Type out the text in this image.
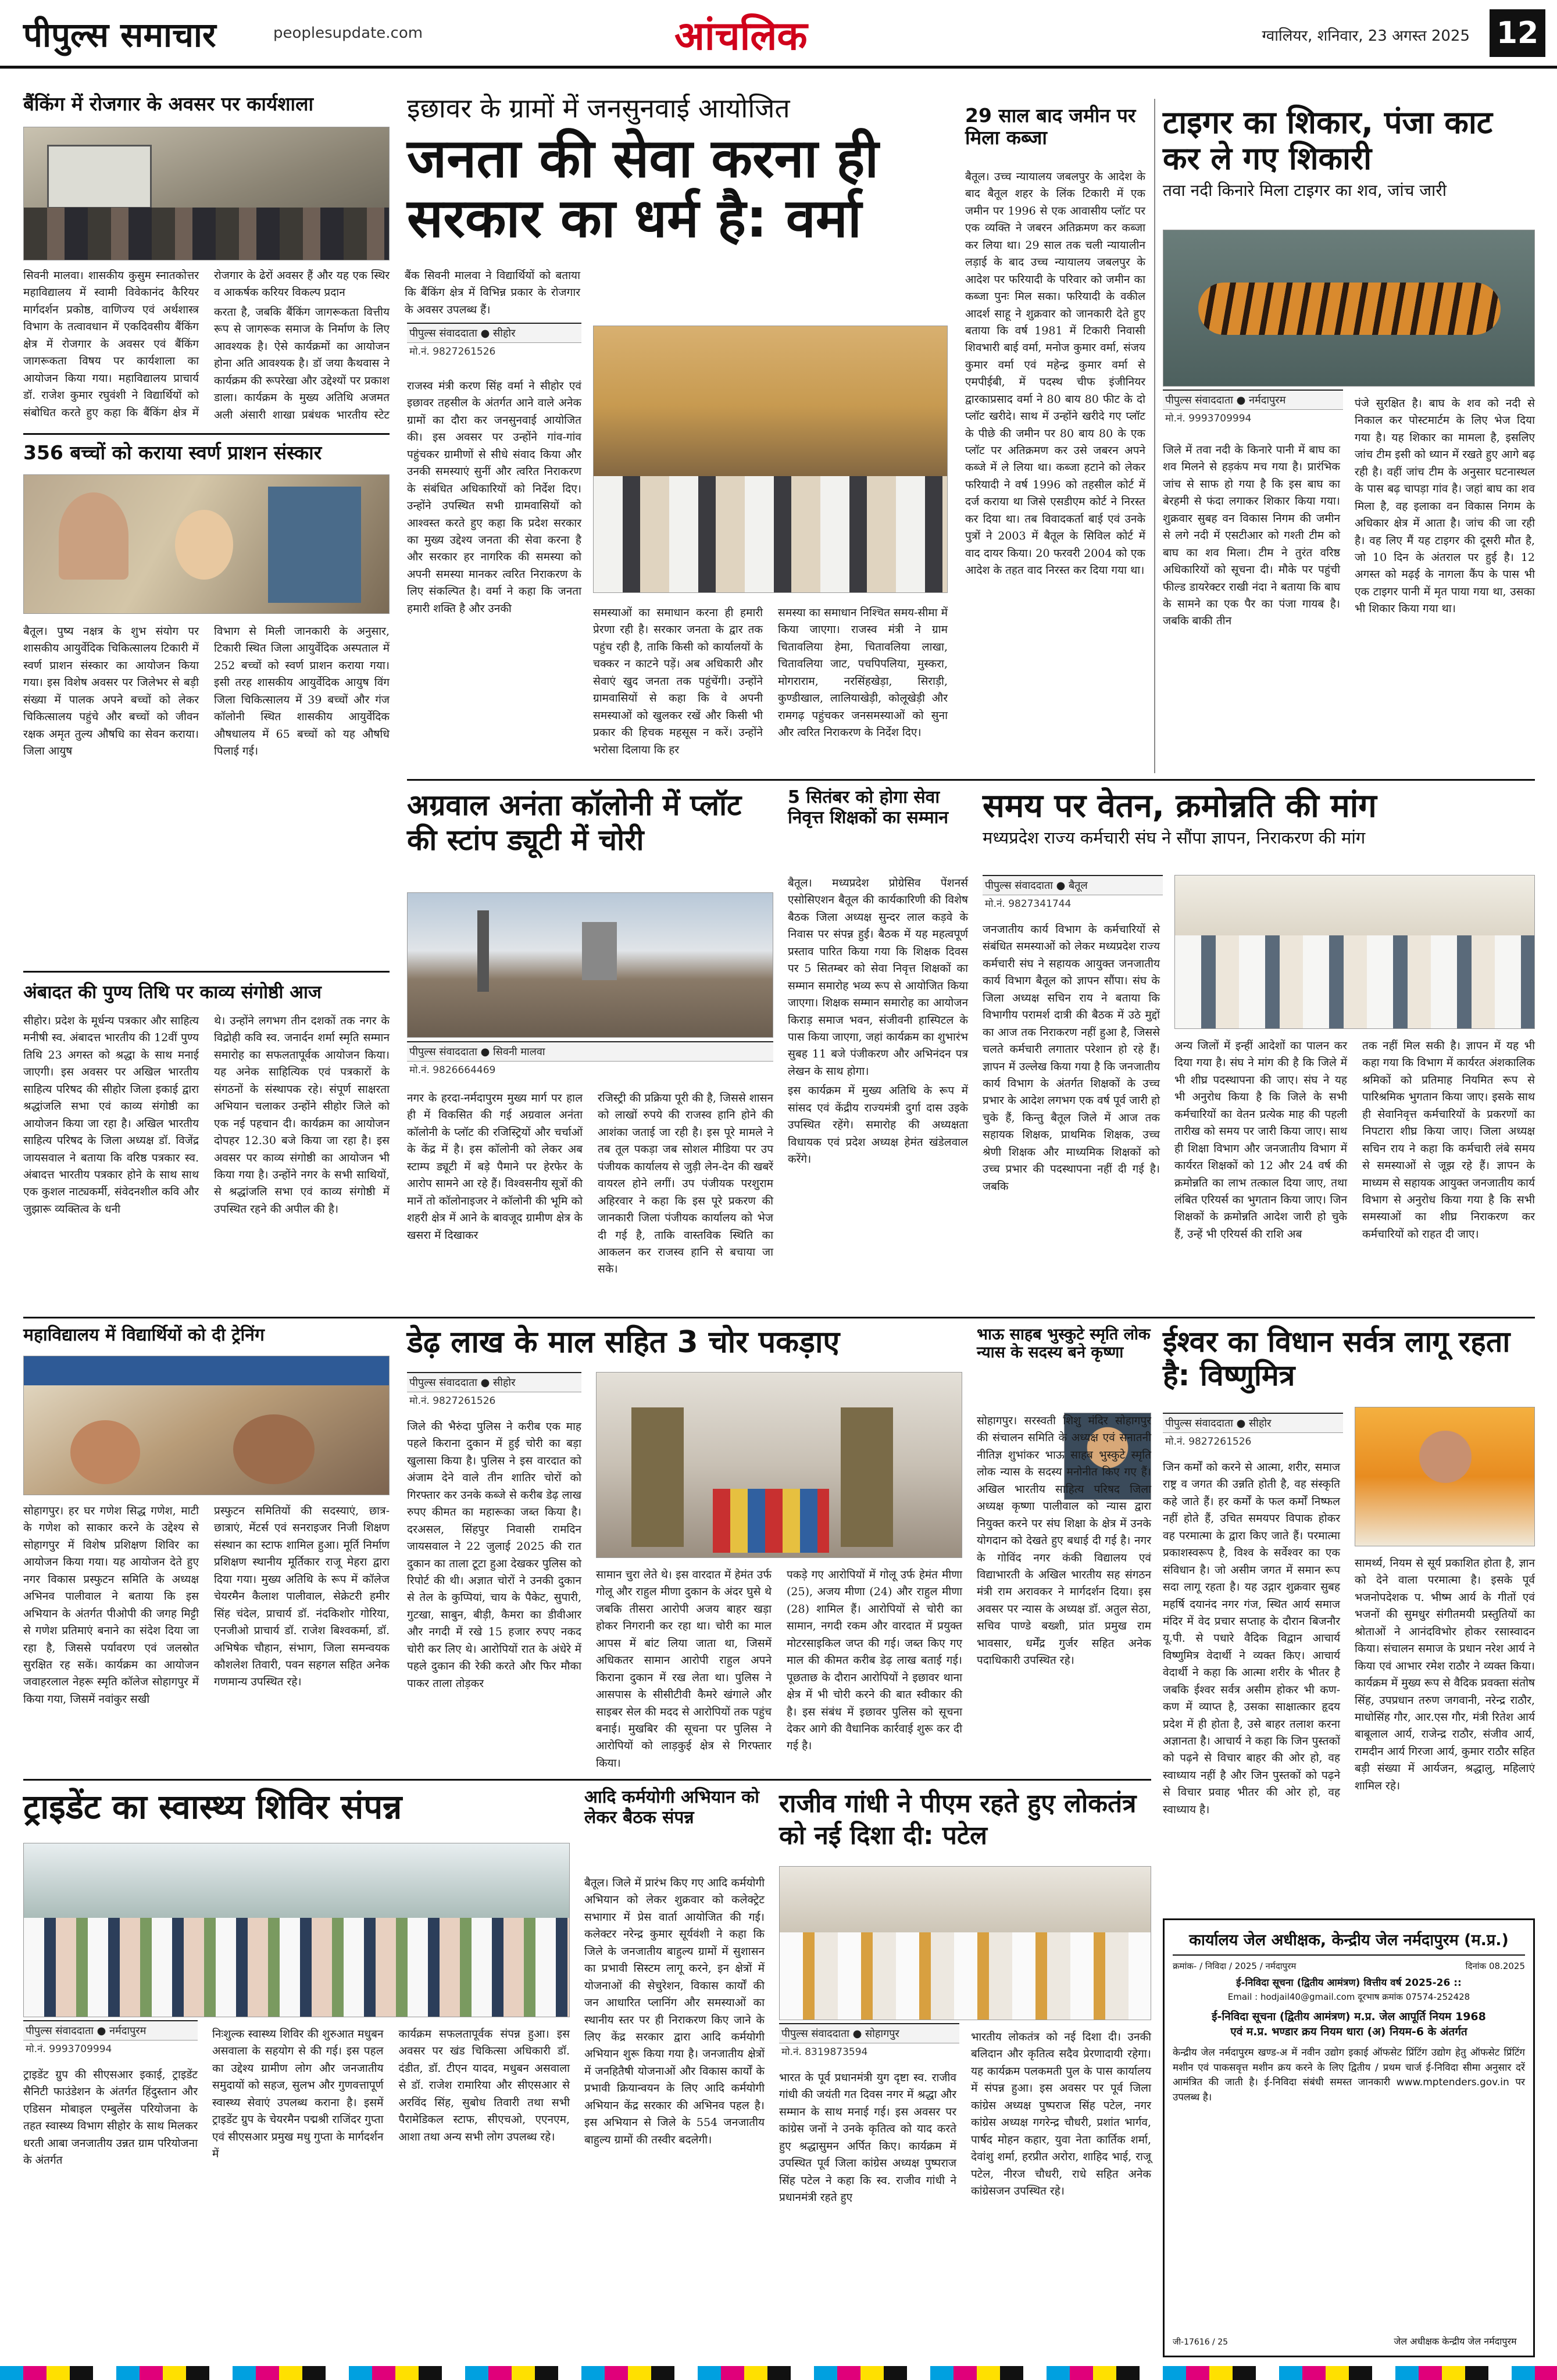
पीपुल्स समाचार	peoplesupdate.com	आंचलिक	ग्वालियर, शनिवार, 23 अगस्त 2025 12
बैंकिंग में रोजगार के अवसर पर कार्यशाला

सिवनी मालवा। शासकीय कुसुम स्नातकोत्तर महाविद्यालय में स्वामी विवेकानंद कैरियर मार्गदर्शन प्रकोष्ठ, वाणिज्य एवं अर्थशास्त्र विभाग के तत्वावधान में एकदिवसीय बैंकिंग क्षेत्र में रोजगार के अवसर एवं बैंकिंग जागरूकता विषय पर कार्यशाला का आयोजन किया गया। महाविद्यालय प्राचार्य डॉ. राजेश कुमार रघुवंशी ने विद्यार्थियों को संबोधित करते हुए कहा कि बैंकिंग क्षेत्र में रोजगार के ढेरों अवसर हैं और यह एक स्थिर व आकर्षक करियर विकल्प प्रदान

करता है, जबकि बैंकिंग जागरूकता वित्तीय रूप से जागरूक समाज के निर्माण के लिए आवश्यक है। ऐसे कार्यक्रमों का आयोजन होना अति आवश्यक है। डॉ जया कैथवास ने कार्यक्रम की रूपरेखा और उद्देश्यों पर प्रकाश डाला। कार्यक्रम के मुख्य अतिथि अजमत अली अंसारी शाखा प्रबंधक भारतीय स्टेट बैंक सिवनी मालवा ने विद्यार्थियों को बताया कि बैंकिंग क्षेत्र में विभिन्न प्रकार के रोजगार के अवसर उपलब्ध हैं।

356 बच्चों को कराया स्वर्ण प्राशन संस्कार

बैतूल। पुष्य नक्षत्र के शुभ संयोग पर शासकीय आयुर्वेदिक चिकित्सालय टिकारी में स्वर्ण प्राशन संस्कार का आयोजन किया गया। इस विशेष अवसर पर जिलेभर से बड़ी संख्या में पालक अपने बच्चों को लेकर चिकित्सालय पहुंचे और बच्चों को जीवन रक्षक अमृत तुल्य औषधि का सेवन कराया। जिला आयुष

विभाग से मिली जानकारी के अनुसार, टिकारी स्थित जिला आयुर्वेदिक अस्पताल में 252 बच्चों को स्वर्ण प्राशन कराया गया। इसी तरह शासकीय आयुर्वेदिक आयुष विंग जिला चिकित्सालय में 39 बच्चों और गंज कॉलोनी स्थित शासकीय आयुर्वेदिक औषधालय में 65 बच्चों को यह औषधि पिलाई गई।

अंबादत की पुण्य तिथि पर काव्य संगोष्ठी आज

सीहोर। प्रदेश के मूर्धन्य पत्रकार और साहित्य मनीषी स्व. अंबादत्त भारतीय की 12वीं पुण्य तिथि 23 अगस्त को श्रद्धा के साथ मनाई जाएगी। इस अवसर पर अखिल भारतीय साहित्य परिषद की सीहोर जिला इकाई द्वारा श्रद्धांजलि सभा एवं काव्य संगोष्ठी का आयोजन किया जा रहा है। अखिल भारतीय साहित्य परिषद के जिला अध्यक्ष डॉ. विजेंद्र जायसवाल ने बताया कि वरिष्ठ पत्रकार स्व. अंबादत्त भारतीय पत्रकार होने के साथ साथ एक कुशल नाट्यकर्मी, संवेदनशील कवि और जुझारू व्यक्तित्व के धनी

थे। उन्होंने लगभग तीन दशकों तक नगर के विद्रोही कवि स्व. जनार्दन शर्मा स्मृति सम्मान समारोह का सफलतापूर्वक आयोजन किया। यह अनेक साहित्यिक एवं पत्रकारों के संगठनों के संस्थापक रहे। संपूर्ण साक्षरता अभियान चलाकर उन्होंने सीहोर जिले को एक नई पहचान दी। कार्यक्रम का आयोजन दोपहर 12.30 बजे किया जा रहा है। इस अवसर पर काव्य संगोष्ठी का आयोजन भी किया गया है। उन्होंने नगर के सभी साथियों, से श्रद्धांजलि सभा एवं काव्य संगोष्ठी में उपस्थित रहने की अपील की है।

इछावर के ग्रामों में जनसुनवाई आयोजित
जनता की सेवा करना ही सरकार का धर्म है: वर्मा
पीपुल्स संवाददाता ● सीहोर
मो.नं. 9827261526

राजस्व मंत्री करण सिंह वर्मा ने सीहोर एवं इछावर तहसील के अंतर्गत आने वाले अनेक ग्रामों का दौरा कर जनसुनवाई आयोजित की। इस अवसर पर उन्होंने गांव-गांव पहुंचकर ग्रामीणों से सीधे संवाद किया और उनकी समस्याएं सुनीं और त्वरित निराकरण के संबंधित अधिकारियों को निर्देश दिए। उन्होंने उपस्थित सभी ग्रामवासियों को आश्वस्त करते हुए कहा कि प्रदेश सरकार का मुख्य उद्देश्य जनता की सेवा करना है और सरकार हर नागरिक की समस्या को अपनी समस्या मानकर त्वरित निराकरण के लिए संकल्पित है। वर्मा ने कहा कि जनता हमारी शक्ति है और उनकी	समस्याओं का समाधान करना ही हमारी प्रेरणा रही है। सरकार जनता के द्वार तक पहुंच रही है, ताकि किसी को कार्यालयों के चक्कर न काटने पड़ें। अब अधिकारी और सेवाएं खुद जनता तक पहुंचेंगी। उन्होंने ग्रामवासियों से कहा कि वे अपनी समस्याओं को खुलकर रखें और किसी भी प्रकार की हिचक महसूस न करें। उन्होंने भरोसा दिलाया कि हर

समस्या का समाधान निश्चित समय-सीमा में किया जाएगा। राजस्व मंत्री ने ग्राम चितावलिया हेमा, चितावलिया लाखा, चितावलिया जाट, पचपिपलिया, मुस्करा, मोगराराम, नरसिंहखेड़ा, सिराड़ी, कुण्डीखाल, लालियाखेड़ी, कोलूखेड़ी और रामगढ़ पहुंचकर जनसमस्याओं को सुना और त्वरित निराकरण के निर्देश दिए।

29 साल बाद जमीन पर मिला कब्जा

बैतूल। उच्च न्यायालय जबलपुर के आदेश के बाद बैतूल शहर के लिंक टिकारी में एक जमीन पर 1996 से एक आवासीय प्लॉट पर एक व्यक्ति ने जबरन अतिक्रमण कर कब्जा कर लिया था। 29 साल तक चली न्यायालीन लड़ाई के बाद उच्च न्यायालय जबलपुर के आदेश पर फरियादी के परिवार को जमीन का कब्जा पुनः मिल सका। फरियादी के वकील आदर्श साहू ने शुक्रवार को जानकारी देते हुए बताया कि वर्ष 1981 में टिकारी निवासी शिवभारी बाई वर्मा, मनोज कुमार वर्मा, संजय कुमार वर्मा एवं महेन्द्र कुमार वर्मा से एमपीईबी, में पदस्थ चीफ इंजीनियर द्वारकाप्रसाद वर्मा ने 80 बाय 80 फीट के दो प्लॉट खरीदे। साथ में उन्होंने खरीदे गए प्लॉट के पीछे की जमीन पर 80 बाय 80 के एक प्लॉट पर अतिक्रमण कर उसे जबरन अपने कब्जे में ले लिया था। कब्जा हटाने को लेकर फरियादी ने वर्ष 1996 को तहसील कोर्ट में दर्ज कराया था जिसे एसडीएम कोर्ट ने निरस्त कर दिया था। तब विवादकर्ता बाई एवं उनके पुत्रों ने 2003 में बैतूल के सिविल कोर्ट में वाद दायर किया। 20 फरवरी 2004 को एक आदेश के तहत वाद निरस्त कर दिया गया था।

टाइगर का शिकार, पंजा काट कर ले गए शिकारी
तवा नदी किनारे मिला टाइगर का शव, जांच जारी
पीपुल्स संवाददाता ● नर्मदापुरम
मो.नं. 9993709994

जिले में तवा नदी के किनारे पानी में बाघ का शव मिलने से हड़कंप मच गया है। प्रारंभिक जांच से साफ हो गया है कि इस बाघ का बेरहमी से फंदा लगाकर शिकार किया गया। शुक्रवार सुबह वन विकास निगम की जमीन से लगे नदी में एसटीआर को गश्ती टीम को बाघ का शव मिला। टीम ने तुरंत वरिष्ठ अधिकारियों को सूचना दी। मौके पर पहुंची फील्ड डायरेक्टर राखी नंदा ने बताया कि बाघ के सामने का एक पैर का पंजा गायब है। जबकि बाकी तीन

पंजे सुरक्षित है। बाघ के शव को नदी से निकाल कर पोस्टमार्टम के लिए भेज दिया गया है। यह शिकार का मामला है, इसलिए जांच टीम इसी को ध्यान में रखते हुए आगे बढ़ रही है। वहीं जांच टीम के अनुसार घटनास्थल के पास बढ़ चापड़ा गांव है। जहां बाघ का शव मिला है, वह इलाका वन विकास निगम के अधिकार क्षेत्र में आता है। जांच की जा रही है। वह लिए मैं यह टाइगर की दूसरी मौत है, जो 10 दिन के अंतराल पर हुई है। 12 अगस्त को मढ़ई के नागला कैंप के पास भी एक टाइगर पानी में मृत पाया गया था, उसका भी शिकार किया गया था।

अग्रवाल अनंता कॉलोनी में प्लॉट की स्टांप ड्यूटी में चोरी
पीपुल्स संवाददाता ● सिवनी मालवा
मो.नं. 9826664469

नगर के हरदा-नर्मदापुरम मुख्य मार्ग पर हाल ही में विकसित की गई अग्रवाल अनंता कॉलोनी के प्लॉट की रजिस्ट्रियों और चर्चाओं के केंद्र में है। इस कॉलोनी को लेकर अब स्टाम्प ड्यूटी में बड़े पैमाने पर हेरफेर के आरोप सामने आ रहे हैं। विश्वसनीय सूत्रों की मानें तो कॉलोनाइजर ने कॉलोनी की भूमि को शहरी क्षेत्र में आने के बावजूद ग्रामीण क्षेत्र के खसरा में दिखाकर

रजिस्ट्री की प्रक्रिया पूरी की है, जिससे शासन को लाखों रुपये की राजस्व हानि होने की आशंका जताई जा रही है। इस पूरे मामले ने तब तूल पकड़ा जब सोशल मीडिया पर उप पंजीयक कार्यालय से जुड़ी लेन-देन की खबरें वायरल होने लगीं। उप पंजीयक परशुराम अहिरवार ने कहा कि इस पूरे प्रकरण की जानकारी जिला पंजीयक कार्यालय को भेज दी गई है, ताकि वास्तविक स्थिति का आकलन कर राजस्व हानि से बचाया जा सके।

5 सितंबर को होगा सेवा निवृत्त शिक्षकों का सम्मान

बैतूल। मध्यप्रदेश प्रोग्रेसिव पेंशनर्स एसोसिएशन बैतूल की कार्यकारिणी की विशेष बैठक जिला अध्यक्ष सुन्दर लाल कड़वे के निवास पर संपन्न हुई। बैठक में यह महत्वपूर्ण प्रस्ताव पारित किया गया कि शिक्षक दिवस पर 5 सितम्बर को सेवा निवृत्त शिक्षकों का सम्मान समारोह भव्य रूप से आयोजित किया जाएगा। शिक्षक सम्मान समारोह का आयोजन किराड़ समाज भवन, संजीवनी हास्पिटल के पास किया जाएगा, जहां कार्यक्रम का शुभारंभ सुबह 11 बजे पंजीकरण और अभिनंदन पत्र लेखन के साथ होगा।

इस कार्यक्रम में मुख्य अतिथि के रूप में सांसद एवं केंद्रीय राज्यमंत्री दुर्गा दास उइके उपस्थित रहेंगे। समारोह की अध्यक्षता विधायक एवं प्रदेश अध्यक्ष हेमंत खंडेलवाल करेंगे।

समय पर वेतन, क्रमोन्नति की मांग
मध्यप्रदेश राज्य कर्मचारी संघ ने सौंपा ज्ञापन, निराकरण की मांग
पीपुल्स संवाददाता ● बैतूल
मो.नं. 9827341744

जनजातीय कार्य विभाग के कर्मचारियों से संबंधित समस्याओं को लेकर मध्यप्रदेश राज्य कर्मचारी संघ ने सहायक आयुक्त जनजातीय कार्य विभाग बैतूल को ज्ञापन सौंपा। संघ के जिला अध्यक्ष सचिन राय ने बताया कि विभागीय परामर्श दात्री की बैठक में उठे मुद्दों का आज तक निराकरण नहीं हुआ है, जिससे चलते कर्मचारी लगातार परेशान हो रहे हैं। ज्ञापन में उल्लेख किया गया है कि जनजातीय कार्य विभाग के अंतर्गत शिक्षकों के उच्च प्रभार के आदेश लगभग एक वर्ष पूर्व जारी हो चुके हैं, किन्तु बैतूल जिले में आज तक सहायक शिक्षक, प्राथमिक शिक्षक, उच्च श्रेणी शिक्षक और माध्यमिक शिक्षकों को उच्च प्रभार की पदस्थापना नहीं दी गई है। जबकि

अन्य जिलों में इन्हीं आदेशों का पालन कर दिया गया है। संघ ने मांग की है कि जिले में भी शीघ्र पदस्थापना की जाए। संघ ने यह भी अनुरोध किया है कि जिले के सभी कर्मचारियों का वेतन प्रत्येक माह की पहली तारीख को समय पर जारी किया जाए। साथ ही शिक्षा विभाग और जनजातीय विभाग में कार्यरत शिक्षकों को 12 और 24 वर्ष की क्रमोन्नति का लाभ तत्काल दिया जाए, तथा लंबित एरियर्स का भुगतान किया जाए। जिन शिक्षकों के क्रमोन्नति आदेश जारी हो चुके हैं, उन्हें भी एरियर्स की राशि अब

तक नहीं मिल सकी है। ज्ञापन में यह भी कहा गया कि विभाग में कार्यरत अंशकालिक श्रमिकों को प्रतिमाह नियमित रूप से पारिश्रमिक भुगतान किया जाए। इसके साथ ही सेवानिवृत्त कर्मचारियों के प्रकरणों का निपटारा शीघ्र किया जाए। जिला अध्यक्ष सचिन राय ने कहा कि कर्मचारी लंबे समय से समस्याओं से जूझ रहे हैं। ज्ञापन के माध्यम से सहायक आयुक्त जनजातीय कार्य विभाग से अनुरोध किया गया है कि सभी समस्याओं का शीघ्र निराकरण कर कर्मचारियों को राहत दी जाए।

महाविद्यालय में विद्यार्थियों को दी ट्रेनिंग

सोहागपुर। हर घर गणेश सिद्ध गणेश, माटी के गणेश को साकार करने के उद्देश्य से सोहागपुर में विशेष प्रशिक्षण शिविर का आयोजन किया गया। यह आयोजन देते हुए नगर विकास प्रस्फुटन समिति के अध्यक्ष अभिनव पालीवाल ने बताया कि इस अभियान के अंतर्गत पीओपी की जगह मिट्टी से गणेश प्रतिमाएं बनाने का संदेश दिया जा रहा है, जिससे पर्यावरण एवं जलस्रोत सुरक्षित रह सकें। कार्यक्रम का आयोजन जवाहरलाल नेहरू स्मृति कॉलेज सोहागपुर में किया गया, जिसमें नवांकुर सखी

प्रस्फुटन समितियों की सदस्याएं, छात्र-छात्राएं, मेंटर्स एवं सनराइजर निजी शिक्षण संस्थान का स्टाफ शामिल हुआ। मूर्ति निर्माण प्रशिक्षण स्थानीय मूर्तिकार राजू मेहरा द्वारा दिया गया। मुख्य अतिथि के रूप में कॉलेज चेयरमैन कैलाश पालीवाल, सेक्रेटरी हमीर सिंह चंदेल, प्राचार्य डॉ. नंदकिशोर गोरिया, एनजीओ प्राचार्य डॉ. राजेश बिश्वकर्मा, डॉ. अभिषेक चौहान, संभाग, जिला समन्वयक कौशलेश तिवारी, पवन सहगल सहित अनेक गणमान्य उपस्थित रहे।

डेढ़ लाख के माल सहित 3 चोर पकड़ाए
पीपुल्स संवाददाता ● सीहोर
मो.नं. 9827261526

जिले की भैरुंदा पुलिस ने करीब एक माह पहले किराना दुकान में हुई चोरी का बड़ा खुलासा किया है। पुलिस ने इस वारदात को अंजाम देने वाले तीन शातिर चोरों को गिरफ्तार कर उनके कब्जे से करीब डेढ़ लाख रुपए कीमत का महारूका जब्त किया है। दरअसल, सिंहपुर निवासी रामदिन जायसवाल ने 22 जुलाई 2025 की रात दुकान का ताला टूटा हुआ देखकर पुलिस को रिपोर्ट की थी। अज्ञात चोरों ने उनकी दुकान से तेल के कुप्पियां, चाय के पैकेट, सुपारी, गुटखा, साबुन, बीड़ी, कैमरा का डीवीआर और नगदी में रखे 15 हजार रुपए नकद चोरी कर लिए थे। आरोपियों रात के अंधेरे में पहले दुकान की रेकी करते और फिर मौका पाकर ताला तोड़कर

सामान चुरा लेते थे। इस वारदात में हेमंत उर्फ गोलू और राहुल मीणा दुकान के अंदर घुसे थे जबकि तीसरा आरोपी अजय बाहर खड़ा होकर निगरानी कर रहा था। चोरी का माल आपस में बांट लिया जाता था, जिसमें अधिकतर सामान आरोपी राहुल अपने किराना दुकान में रख लेता था। पुलिस ने आसपास के सीसीटीवी कैमरे खंगाले और साइबर सेल की मदद से आरोपियों तक पहुंच बनाई। मुखबिर की सूचना पर पुलिस ने आरोपियों को लाड़कुई क्षेत्र से गिरफ्तार किया।

पकड़े गए आरोपियों में गोलू उर्फ हेमंत मीणा (25), अजय मीणा (24) और राहुल मीणा (28) शामिल हैं। आरोपियों से चोरी का सामान, नगदी रकम और वारदात में प्रयुक्त मोटरसाइकिल जप्त की गई। जब्त किए गए माल की कीमत करीब डेढ़ लाख बताई गई। पूछताछ के दौरान आरोपियों ने इछावर थाना क्षेत्र में भी चोरी करने की बात स्वीकार की है। इस संबंध में इछावर पुलिस को सूचना देकर आगे की वैधानिक कार्रवाई शुरू कर दी गई है।

भाऊ साहब भुस्कुटे स्मृति लोक न्यास के सदस्य बने कृष्णा

सोहागपुर। सरस्वती शिशु मंदिर सोहागपुर की संचालन समिति के अध्यक्ष एवं सनातनी नीतिज्ञ शुभांकर भाऊ साहब भुस्कुटे स्मृति लोक न्यास के सदस्य मनोनीत किए गए हैं। अखिल भारतीय साहित्य परिषद जिला अध्यक्ष कृष्णा पालीवाल को न्यास द्वारा नियुक्त करने पर संघ शिक्षा के क्षेत्र में उनके योगदान को देखते हुए बधाई दी गई है। नगर के गोविंद नगर कंकी विद्यालय एवं विद्याभारती के अखिल भारतीय सह संगठन मंत्री राम अरावकर ने मार्गदर्शन दिया। इस अवसर पर न्यास के अध्यक्ष डॉ. अतुल सेठा, सचिव पाण्डे बख्शी, प्रांत प्रमुख राम भावसार, धर्मेंद्र गुर्जर सहित अनेक पदाधिकारी उपस्थित रहे।

ईश्वर का विधान सर्वत्र लागू रहता है: विष्णुमित्र
पीपुल्स संवाददाता ● सीहोर
मो.नं. 9827261526

जिन कर्मों को करने से आत्मा, शरीर, समाज राष्ट्र व जगत की उन्नति होती है, वह संस्कृति कहे जाते हैं। हर कर्मों के फल कर्मों निष्फल नहीं होते हैं, उचित समयपर विपाक होकर वह परमात्मा के द्वारा किए जाते हैं। परमात्मा प्रकाशस्वरूप है, विश्व के सर्वेश्वर का एक संविधान है। जो असीम जगत में समान रूप सदा लागू रहता है। यह उद्गार शुक्रवार सुबह महर्षि दयानंद नगर गंज, स्थित आर्य समाज मंदिर में वेद प्रचार सप्ताह के दौरान बिजनौर यू.पी. से पधारे वैदिक विद्वान आचार्य विष्णुमित्र वेदार्थी ने व्यक्त किए। आचार्य वेदार्थी ने कहा कि आत्मा शरीर के भीतर है जबकि ईश्वर सर्वत्र असीम होकर भी कण-कण में व्याप्त है, उसका साक्षात्कार हृदय प्रदेश में ही होता है, उसे बाहर तलाश करना अज्ञानता है। आचार्य ने कहा कि जिन पुस्तकों को पढ़ने से विचार बाहर की ओर हो, वह स्वाध्याय नहीं है और जिन पुस्तकों को पढ़ने से विचार प्रवाह भीतर की ओर हो, वह स्वाध्याय है।

सामर्थ्य, नियम से सूर्य प्रकाशित होता है, ज्ञान को देने वाला परमात्मा है। इसके पूर्व भजनोपदेशक प. भीष्म आर्य के गीतों एवं भजनों की सुमधुर संगीतमयी प्रस्तुतियों का श्रोताओं ने आनंदविभोर होकर रसास्वादन किया। संचालन समाज के प्रधान नरेश आर्य ने किया एवं आभार रमेश राठौर ने व्यक्त किया। कार्यक्रम में मुख्य रूप से वैदिक प्रवक्ता संतोष सिंह, उपप्रधान तरुण जगवानी, नरेन्द्र राठौर, माधोसिंह गौर, आर.एस गौर, मंत्री रितेश आर्य बाबूलाल आर्य, राजेन्द्र राठौर, संजीव आर्य, रामदीन आर्य गिरजा आर्य, कुमार राठौर सहित बड़ी संख्या में आर्यजन, श्रद्धालु, महिलाएं शामिल रहे।

ट्राइडेंट का स्वास्थ्य शिविर संपन्न
पीपुल्स संवाददाता ● नर्मदापुरम
मो.नं. 9993709994

ट्राइडेंट ग्रुप की सीएसआर इकाई, ट्राइडेंट सैनिटी फाउंडेशन के अंतर्गत हिंदुस्तान और एडिसन मोबाइल एम्बुलेंस परियोजना के तहत स्वास्थ्य विभाग सीहोर के साथ मिलकर धरती आबा जनजातीय उन्नत ग्राम परियोजना के अंतर्गत

निःशुल्क स्वास्थ्य शिविर की शुरुआत मधुबन असवाला के सहयोग से की गई। इस पहल का उद्देश्य ग्रामीण लोग और जनजातीय समुदायों को सहज, सुलभ और गुणवत्तापूर्ण स्वास्थ्य सेवाएं उपलब्ध कराना है। इसमें ट्राइडेंट ग्रुप के चेयरमैन पद्मश्री राजिंदर गुप्ता एवं सीएसआर प्रमुख मधु गुप्ता के मार्गदर्शन में

कार्यक्रम सफलतापूर्वक संपन्न हुआ। इस अवसर पर खंड चिकित्सा अधिकारी डॉ. दंडीत, डॉ. टीएन यादव, मधुबन असवाला से डॉ. राजेश रामारिया और सीएसआर से अरविंद सिंह, सुबोध तिवारी तथा सभी पैरामेडिकल स्टाफ, सीएचओ, एएनएम, आशा तथा अन्य सभी लोग उपलब्ध रहे।

आदि कर्मयोगी अभियान को लेकर बैठक संपन्न

बैतूल। जिले में प्रारंभ किए गए आदि कर्मयोगी अभियान को लेकर शुक्रवार को कलेक्ट्रेट सभागार में प्रेस वार्ता आयोजित की गई। कलेक्टर नरेन्द्र कुमार सूर्यवंशी ने कहा कि जिले के जनजातीय बाहुल्य ग्रामों में सुशासन का प्रभावी सिस्टम लागू करने, इन क्षेत्रों में योजनाओं की सेचुरेशन, विकास कार्यों की जन आधारित प्लानिंग और समस्याओं का स्थानीय स्तर पर ही निराकरण किए जाने के लिए केंद्र सरकार द्वारा आदि कर्मयोगी अभियान शुरू किया गया है। जनजातीय क्षेत्रों में जनहितैषी योजनाओं और विकास कार्यों के प्रभावी क्रियान्वयन के लिए आदि कर्मयोगी अभियान केंद्र सरकार की अभिनव पहल है। इस अभियान से जिले के 554 जनजातीय बाहुल्य ग्रामों की तस्वीर बदलेगी।

राजीव गांधी ने पीएम रहते हुए लोकतंत्र को नई दिशा दी: पटेल
पीपुल्स संवाददाता ● सोहागपुर
मो.नं. 8319873594

भारत के पूर्व प्रधानमंत्री युग दृष्टा स्व. राजीव गांधी की जयंती गत दिवस नगर में श्रद्धा और सम्मान के साथ मनाई गई। इस अवसर पर कांग्रेस जनों ने उनके कृतित्व को याद करते हुए श्रद्धासुमन अर्पित किए। कार्यक्रम में उपस्थित पूर्व जिला कांग्रेस अध्यक्ष पुष्पराज सिंह पटेल ने कहा कि स्व. राजीव गांधी ने प्रधानमंत्री रहते हुए

भारतीय लोकतंत्र को नई दिशा दी। उनकी बलिदान और कृतित्व सदैव प्रेरणादायी रहेगा। यह कार्यक्रम पलकमती पुल के पास कार्यालय में संपन्न हुआ। इस अवसर पर पूर्व जिला कांग्रेस अध्यक्ष पुष्पराज सिंह पटेल, नगर कांग्रेस अध्यक्ष गगरेन्द्र चौधरी, प्रशांत भार्गव, पार्षद मोहन कहार, युवा नेता कार्तिक शर्मा, देवांशु शर्मा, हरप्रीत अरोरा, शाहिद भाई, राजू पटेल, नीरज चौधरी, राधे सहित अनेक कांग्रेसजन उपस्थित रहे।

कार्यालय जेल अधीक्षक, केन्द्रीय जेल नर्मदापुरम (म.प्र.)
क्रमांक- / निविदा / 2025 / नर्मदापुरम	दिनांक 08.2025
ई-निविदा सूचना (द्वितीय आमंत्रण) वित्तीय वर्ष 2025-26 ::
Email : hodjail40@gmail.com दूरभाष क्रमांक 07574-252428
ई-निविदा सूचना (द्वितीय आमंत्रण) म.प्र. जेल आपूर्ति नियम 1968
एवं म.प्र. भण्डार क्रय नियम धारा (अ) नियम-6 के अंतर्गत
केन्द्रीय जेल नर्मदापुरम खण्ड-अ में नवीन उद्योग इकाई ऑफसेट प्रिंटिंग उद्योग हेतु ऑफसेट प्रिंटिंग मशीन एवं पाकसवृत्त मशीन क्रय करने के लिए द्वितीय / प्रथम चार्ज ई-निविदा सीमा अनुसार दरें आमंत्रित की जाती है। ई-निविदा संबंधी समस्त जानकारी www.mptenders.gov.in पर उपलब्ध है।
जी-17616 / 25	जेल अधीक्षक केन्द्रीय जेल नर्मदापुरम
